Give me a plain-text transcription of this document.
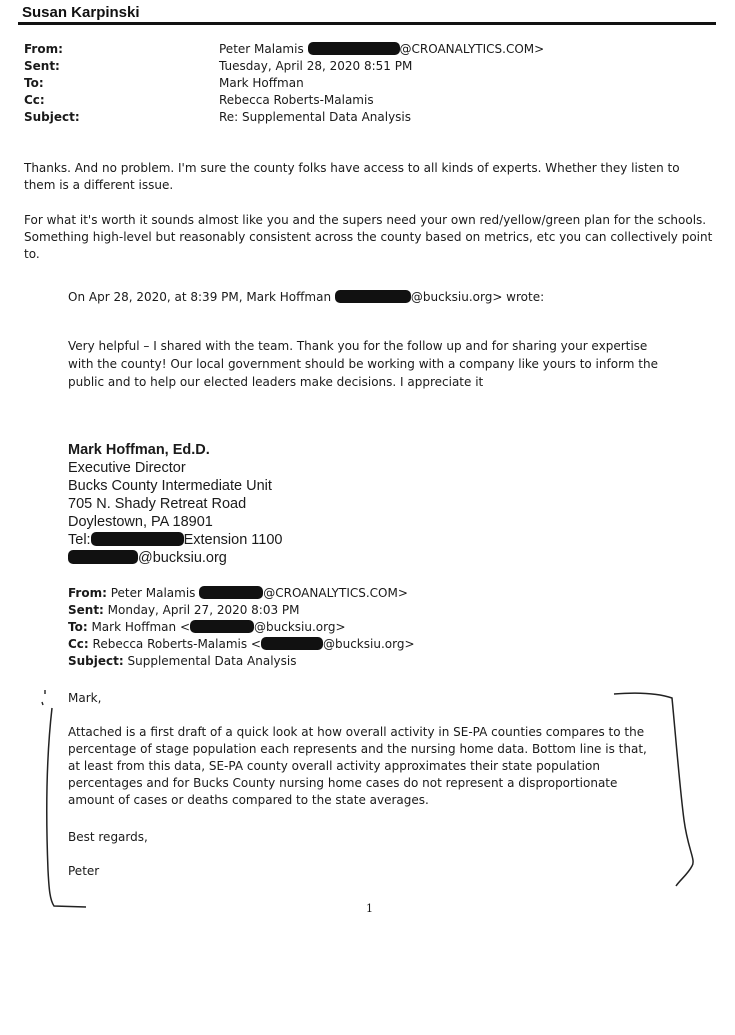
Susan Karpinski
From:	Peter Malamis	@CROANALYTICS.COM>
Sent:	Tuesday, April 28, 2020 8:51 PM
To:	Mark Hoffman
Cc:	Rebecca Roberts-Malamis
Subject:	Re: Supplemental Data Analysis
Thanks. And no problem. I'm sure the county folks have access to all kinds of experts. Whether they listen to them is a different issue.
For what it's worth it sounds almost like you and the supers need your own red/yellow/green plan for the schools. Something high-level but reasonably consistent across the county based on metrics, etc you can collectively point to.
On Apr 28, 2020, at 8:39 PM, Mark Hoffman	@bucksiu.org> wrote:
Very helpful – I shared with the team. Thank you for the follow up and for sharing your expertise with the county! Our local government should be working with a company like yours to inform the public and to help our elected leaders make decisions. I appreciate it
Mark Hoffman, Ed.D.
Executive Director
Bucks County Intermediate Unit
705 N. Shady Retreat Road
Doylestown, PA 18901
Tel:	Extension 1100
@bucksiu.org
From: Peter Malamis	@CROANALYTICS.COM>
Sent: Monday, April 27, 2020 8:03 PM
To: Mark Hoffman <	@bucksiu.org>
Cc: Rebecca Roberts-Malamis <	@bucksiu.org>
Subject: Supplemental Data Analysis
Mark,
Attached is a first draft of a quick look at how overall activity in SE-PA counties compares to the percentage of stage population each represents and the nursing home data. Bottom line is that, at least from this data, SE-PA county overall activity approximates their state population percentages and for Bucks County nursing home cases do not represent a disproportionate amount of cases or deaths compared to the state averages.
Best regards,
Peter
1
